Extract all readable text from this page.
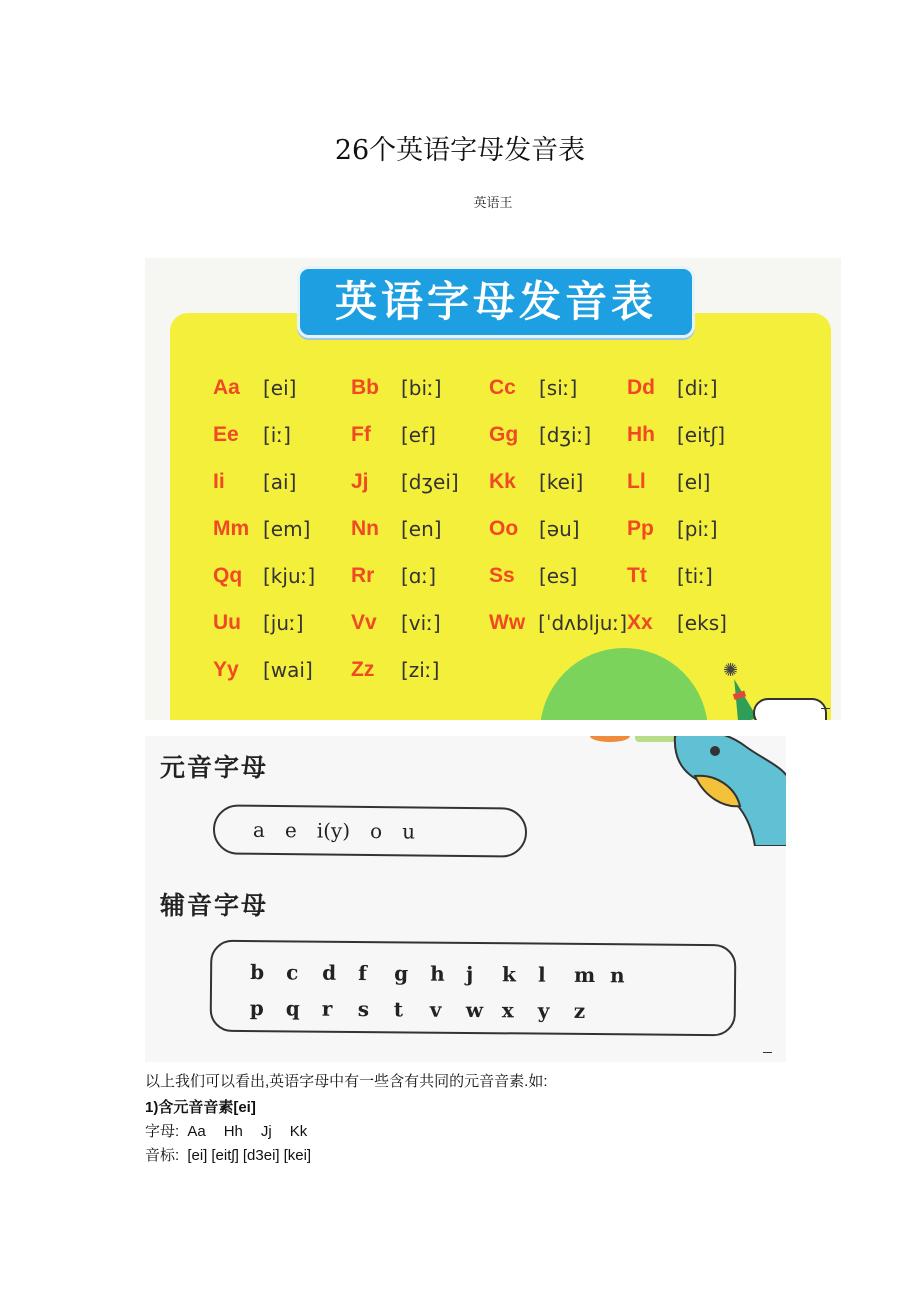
26个英语字母发音表
英语王
英语字母发音表
Aa	[ei]	Bb	[biː] Cc	[siː] Dd	[diː]
Ee	[iː]	Ff	[ef]	Gg	[dʒiː] Hh	[eitʃ]
Ii	[ai]	Jj	[dʒei] Kk	[kei] Ll	[el]
Mm [em] Nn	[en] Oo	[əu] Pp	[piː]
Qq	[kjuː] Rr	[ɑː]	Ss	[es] Tt	[tiː]
Uu	[juː] Vv	[viː] Ww [ˈdʌbljuː] Xx	[eks]
Yy	[wai] Zz	[ziː]	✺
元音字母
a e i(y) o u
辅音字母
b	c	d	f	g	h	j	k	l	m n
p	q	r	s	t	v	w x	y	z
以上我们可以看出,英语字母中有一些含有共同的元音音素.如:
1)含元音音素[ei]
字母: Aa Hh Jj Kk
音标: [ei] [eitʃ] [d3ei] [kei]
